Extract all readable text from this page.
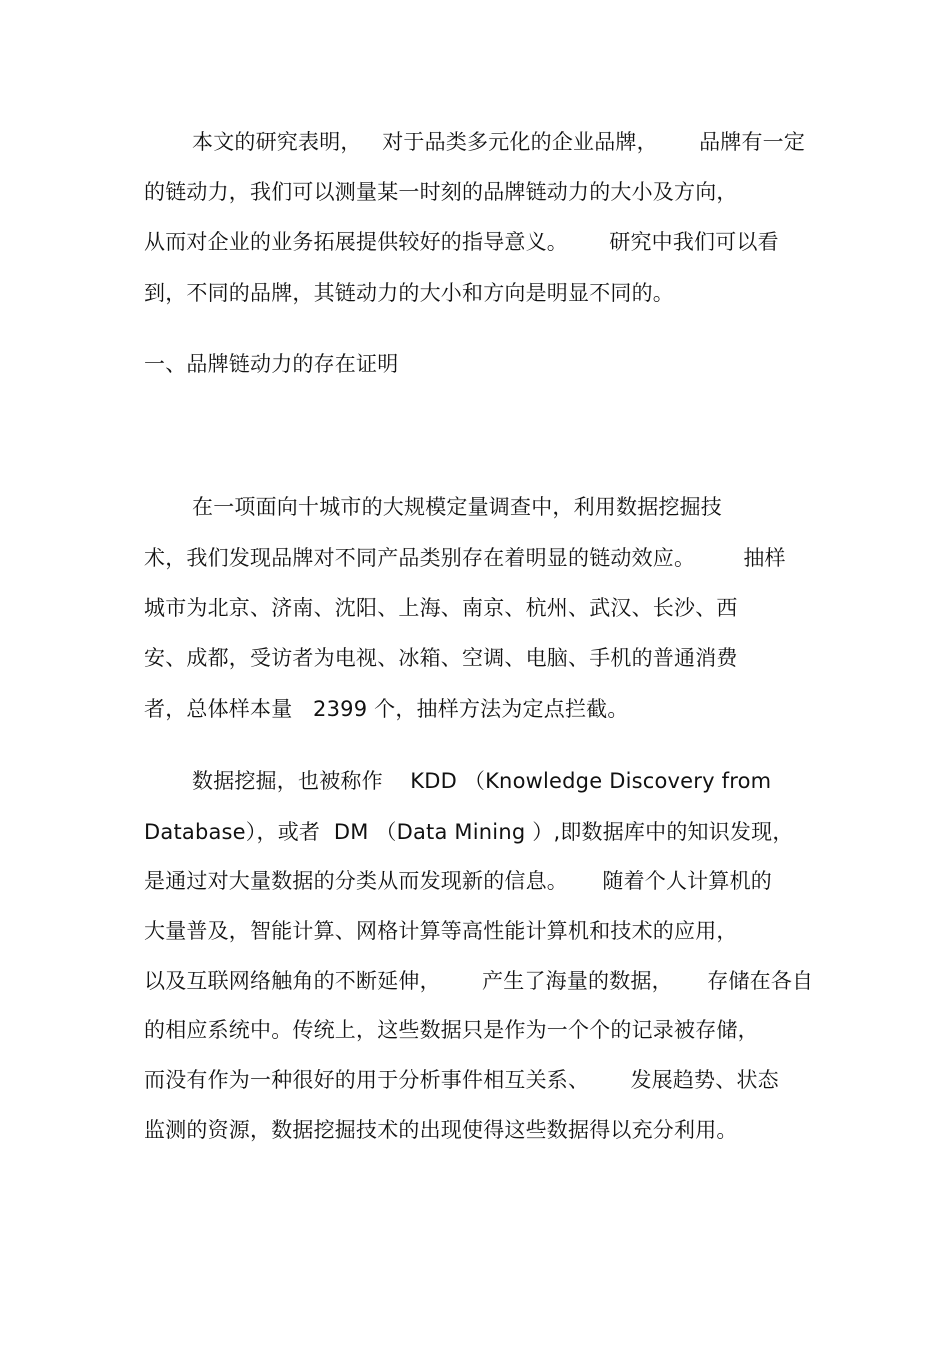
本文的研究表明，   对于品类多元化的企业品牌，      品牌有一定
的链动力，我们可以测量某一时刻的品牌链动力的大小及方向，
从而对企业的业务拓展提供较好的指导意义。      研究中我们可以看
到，不同的品牌，其链动力的大小和方向是明显不同的。
一、品牌链动力的存在证明
在一项面向十城市的大规模定量调查中，利用数据挖掘技
术，我们发现品牌对不同产品类别存在着明显的链动效应。       抽样
城市为北京、济南、沈阳、上海、南京、杭州、武汉、长沙、西
安、成都，受访者为电视、冰箱、空调、电脑、手机的普通消费
者，总体样本量   2399 个，抽样方法为定点拦截。
数据挖掘，也被称作    KDD （Knowledge Discovery from
Database），或者  DM （Data Mining ）,即数据库中的知识发现，
是通过对大量数据的分类从而发现新的信息。     随着个人计算机的
大量普及，智能计算、网格计算等高性能计算机和技术的应用，
以及互联网络触角的不断延伸，      产生了海量的数据，     存储在各自
的相应系统中。传统上，这些数据只是作为一个个的记录被存储，
而没有作为一种很好的用于分析事件相互关系、      发展趋势、状态
监测的资源，数据挖掘技术的出现使得这些数据得以充分利用。
